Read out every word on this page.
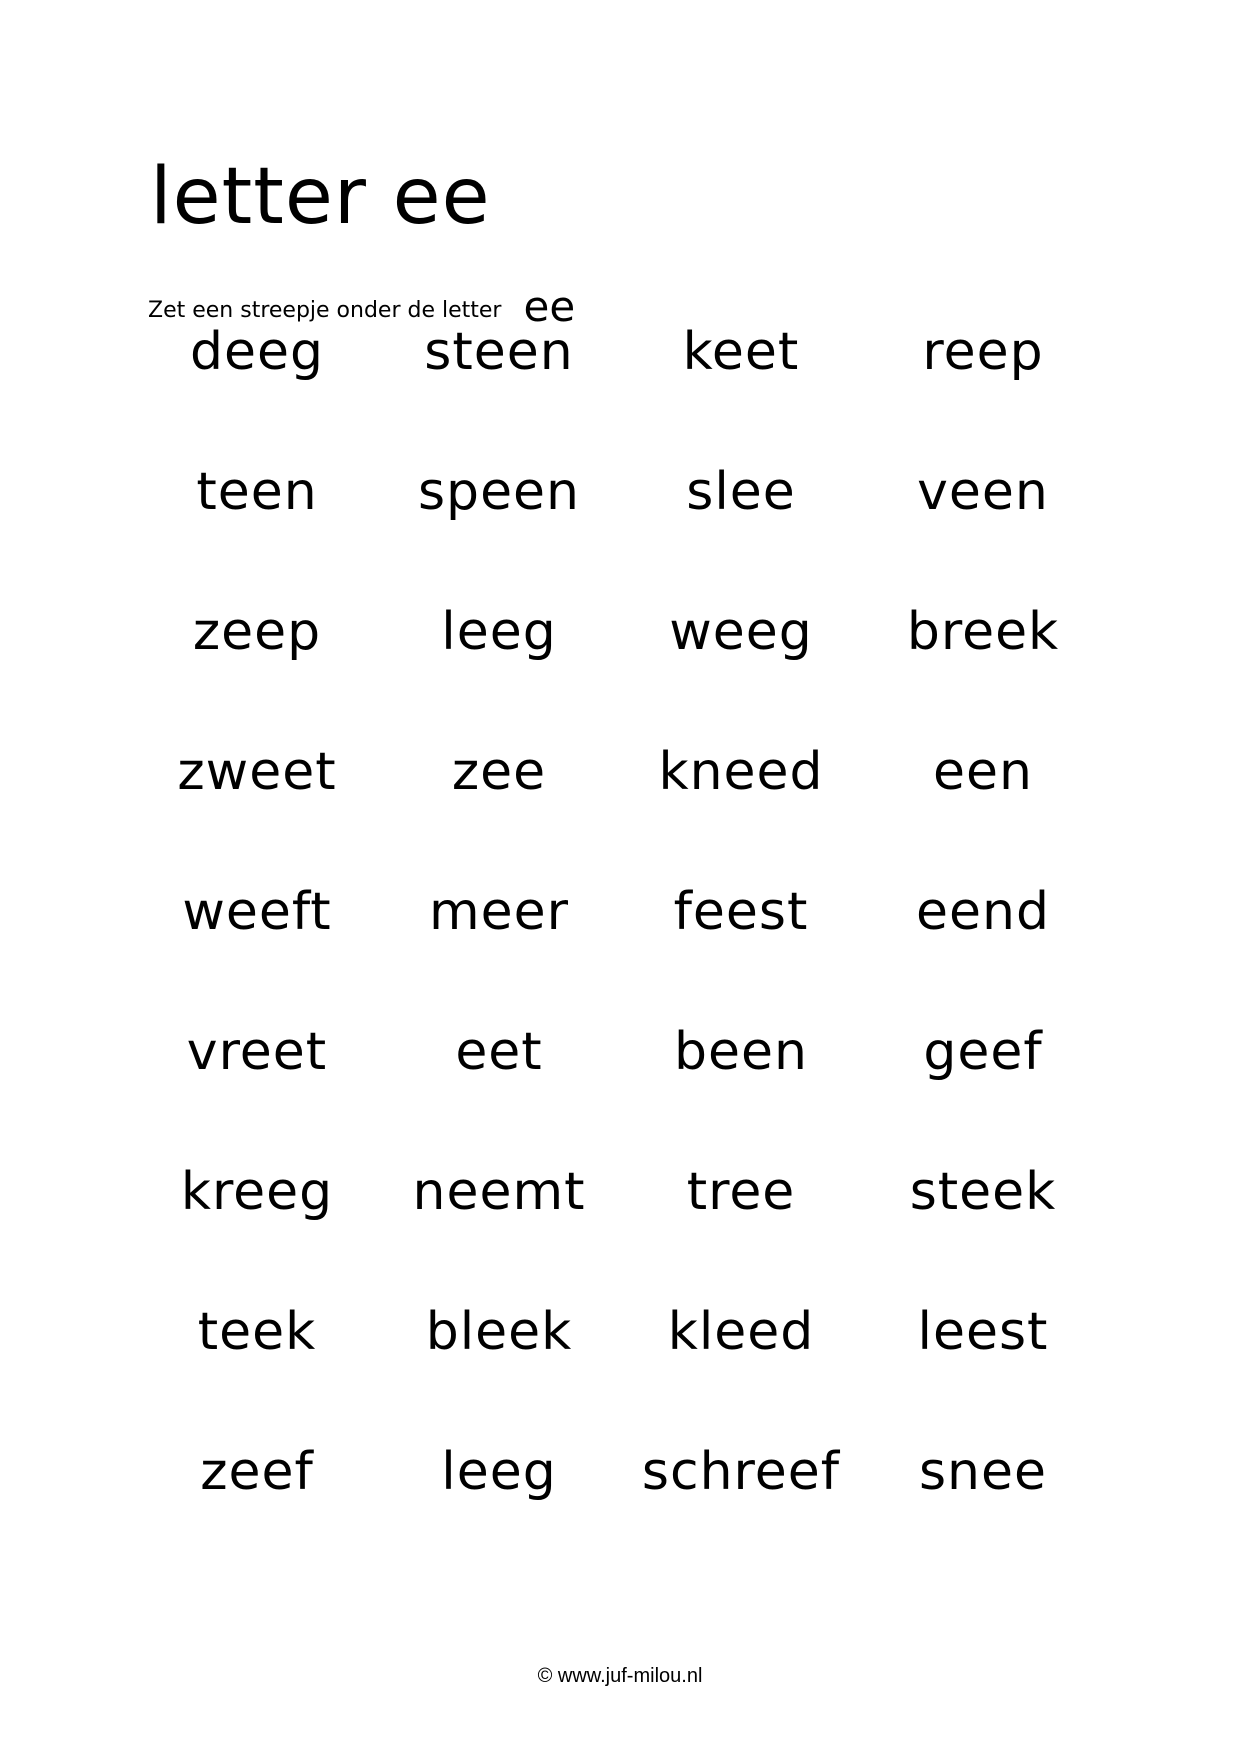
letter ee
Zet een streepje onder de letter ee
deeg	steen	keet	reep
teen	speen	slee	veen
zeep	leeg	weeg	breek
zweet	zee	kneed	een
weeft	meer	feest	eend
vreet	eet	been	geef
kreeg	neemt	tree	steek
teek	bleek	kleed	leest
zeef	leeg	schreef	snee
© www.juf-milou.nl
